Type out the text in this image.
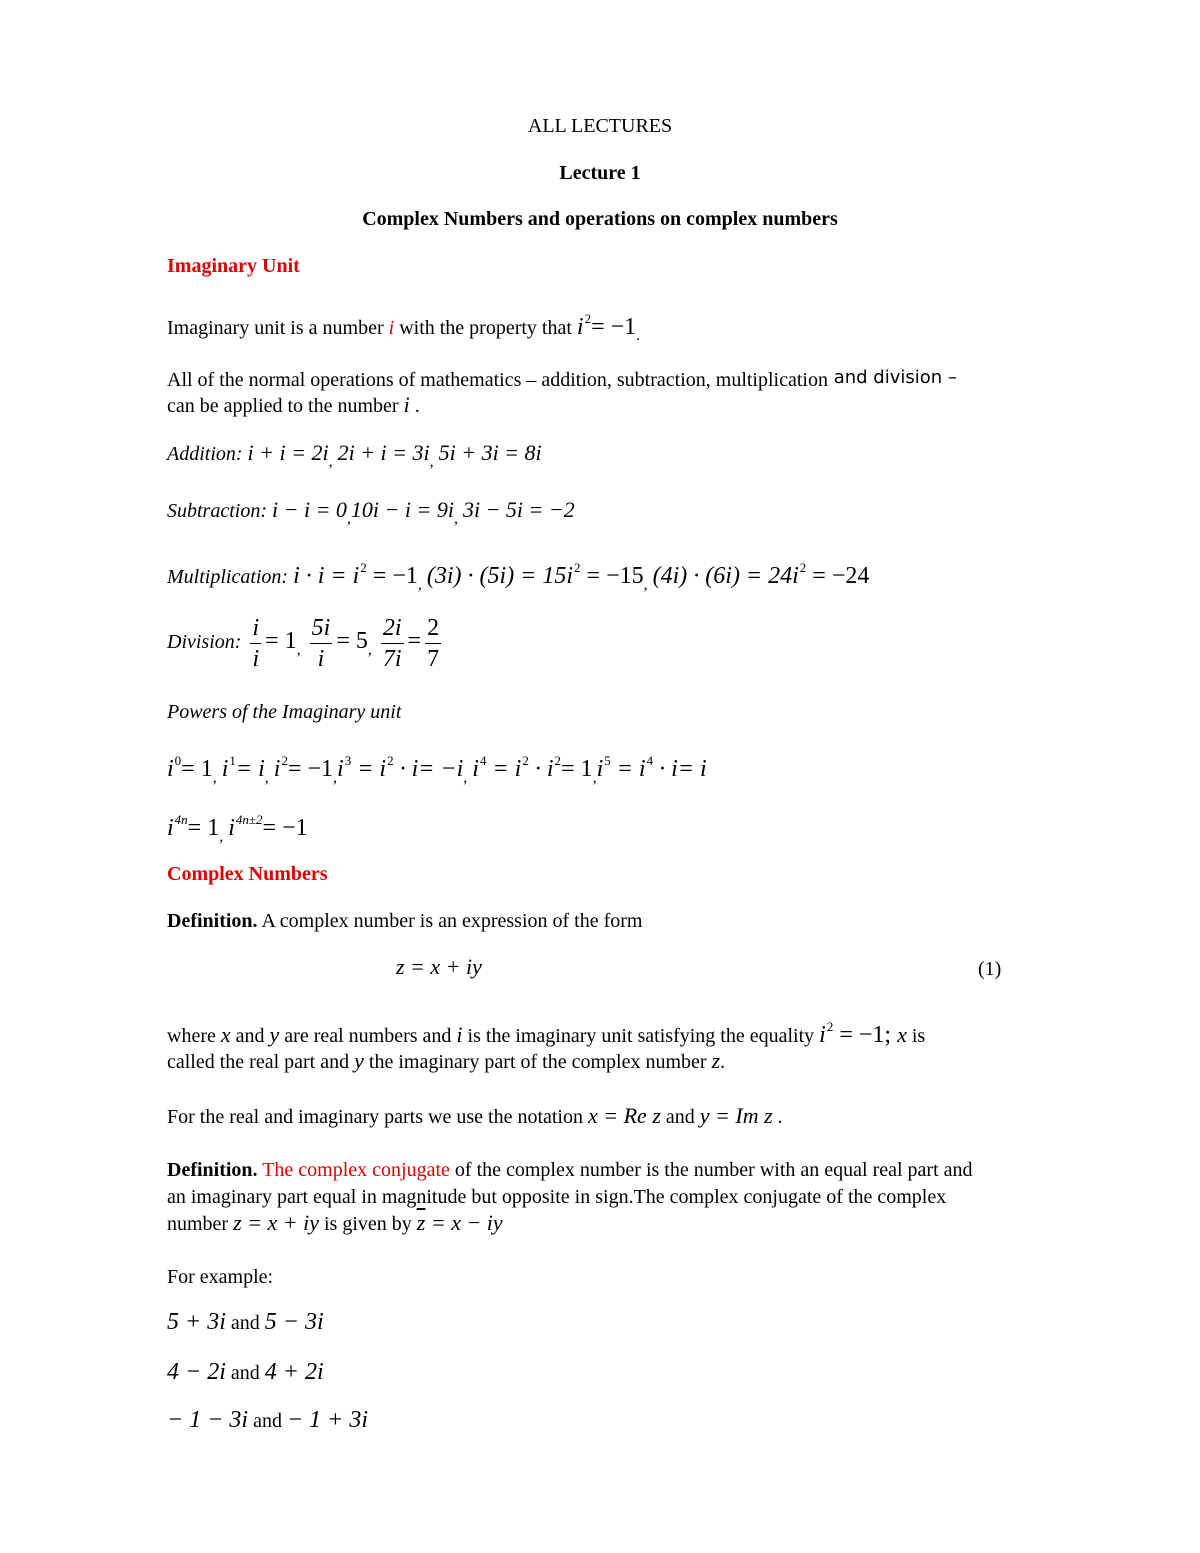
ALL LECTURES
Lecture 1
Complex Numbers and operations on complex numbers
Imaginary Unit
Imaginary unit is a number i with the property that $i^2= -1_.$
All of the normal operations of mathematics – addition, subtraction, multiplication and division –
can be applied to the number i .
Addition: $i + i = 2i_,$ $2i + i = 3i_,$ 5i + 3i = 8i
Subtraction: $i - i = 0_,10i - i = 9i_,$ 3i − 5i = −2
Multiplication: $i \cdot i = i^2 = -1_,$ $(3i) \cdot (5i) = 15i^2 = -15_,$ $(4i) \cdot (6i) = 24i^2 = -24$
Division: $\frac{i}{i} = 1_, \frac{5i}{i} = 5_, \frac{2i}{7i} = \frac{2}{7}$
Powers of the Imaginary unit
$i^0= 1_,$ $i^1= i_,$ $i^2= -1_,i^3 = i^2 \cdot i= -i_,$ $i^4 = i^2 \cdot i^2= 1_,i^5 = i^4 \cdot i= i$
$i^{4n}= 1_,$ $i^{4n\pm 2}= -1$
Complex Numbers
Definition. A complex number is an expression of the form
z = x + iy	(1)
where x and y are real numbers and i is the imaginary unit satisfying the equality $i^2 = -1$; x is
called the real part and y the imaginary part of the complex number z.
For the real and imaginary parts we use the notation x = Re z and y = Im z .
Definition. The complex conjugate of the complex number is the number with an equal real part and
an imaginary part equal in magnitude but opposite in sign.The complex conjugate of the complex
number z = x + iy is given by $\overline{z} = x$ − iy
For example:
5 + 3i and 5 − 3i
4 − 2i and 4 + 2i
− 1 − 3i and − 1 + 3i
